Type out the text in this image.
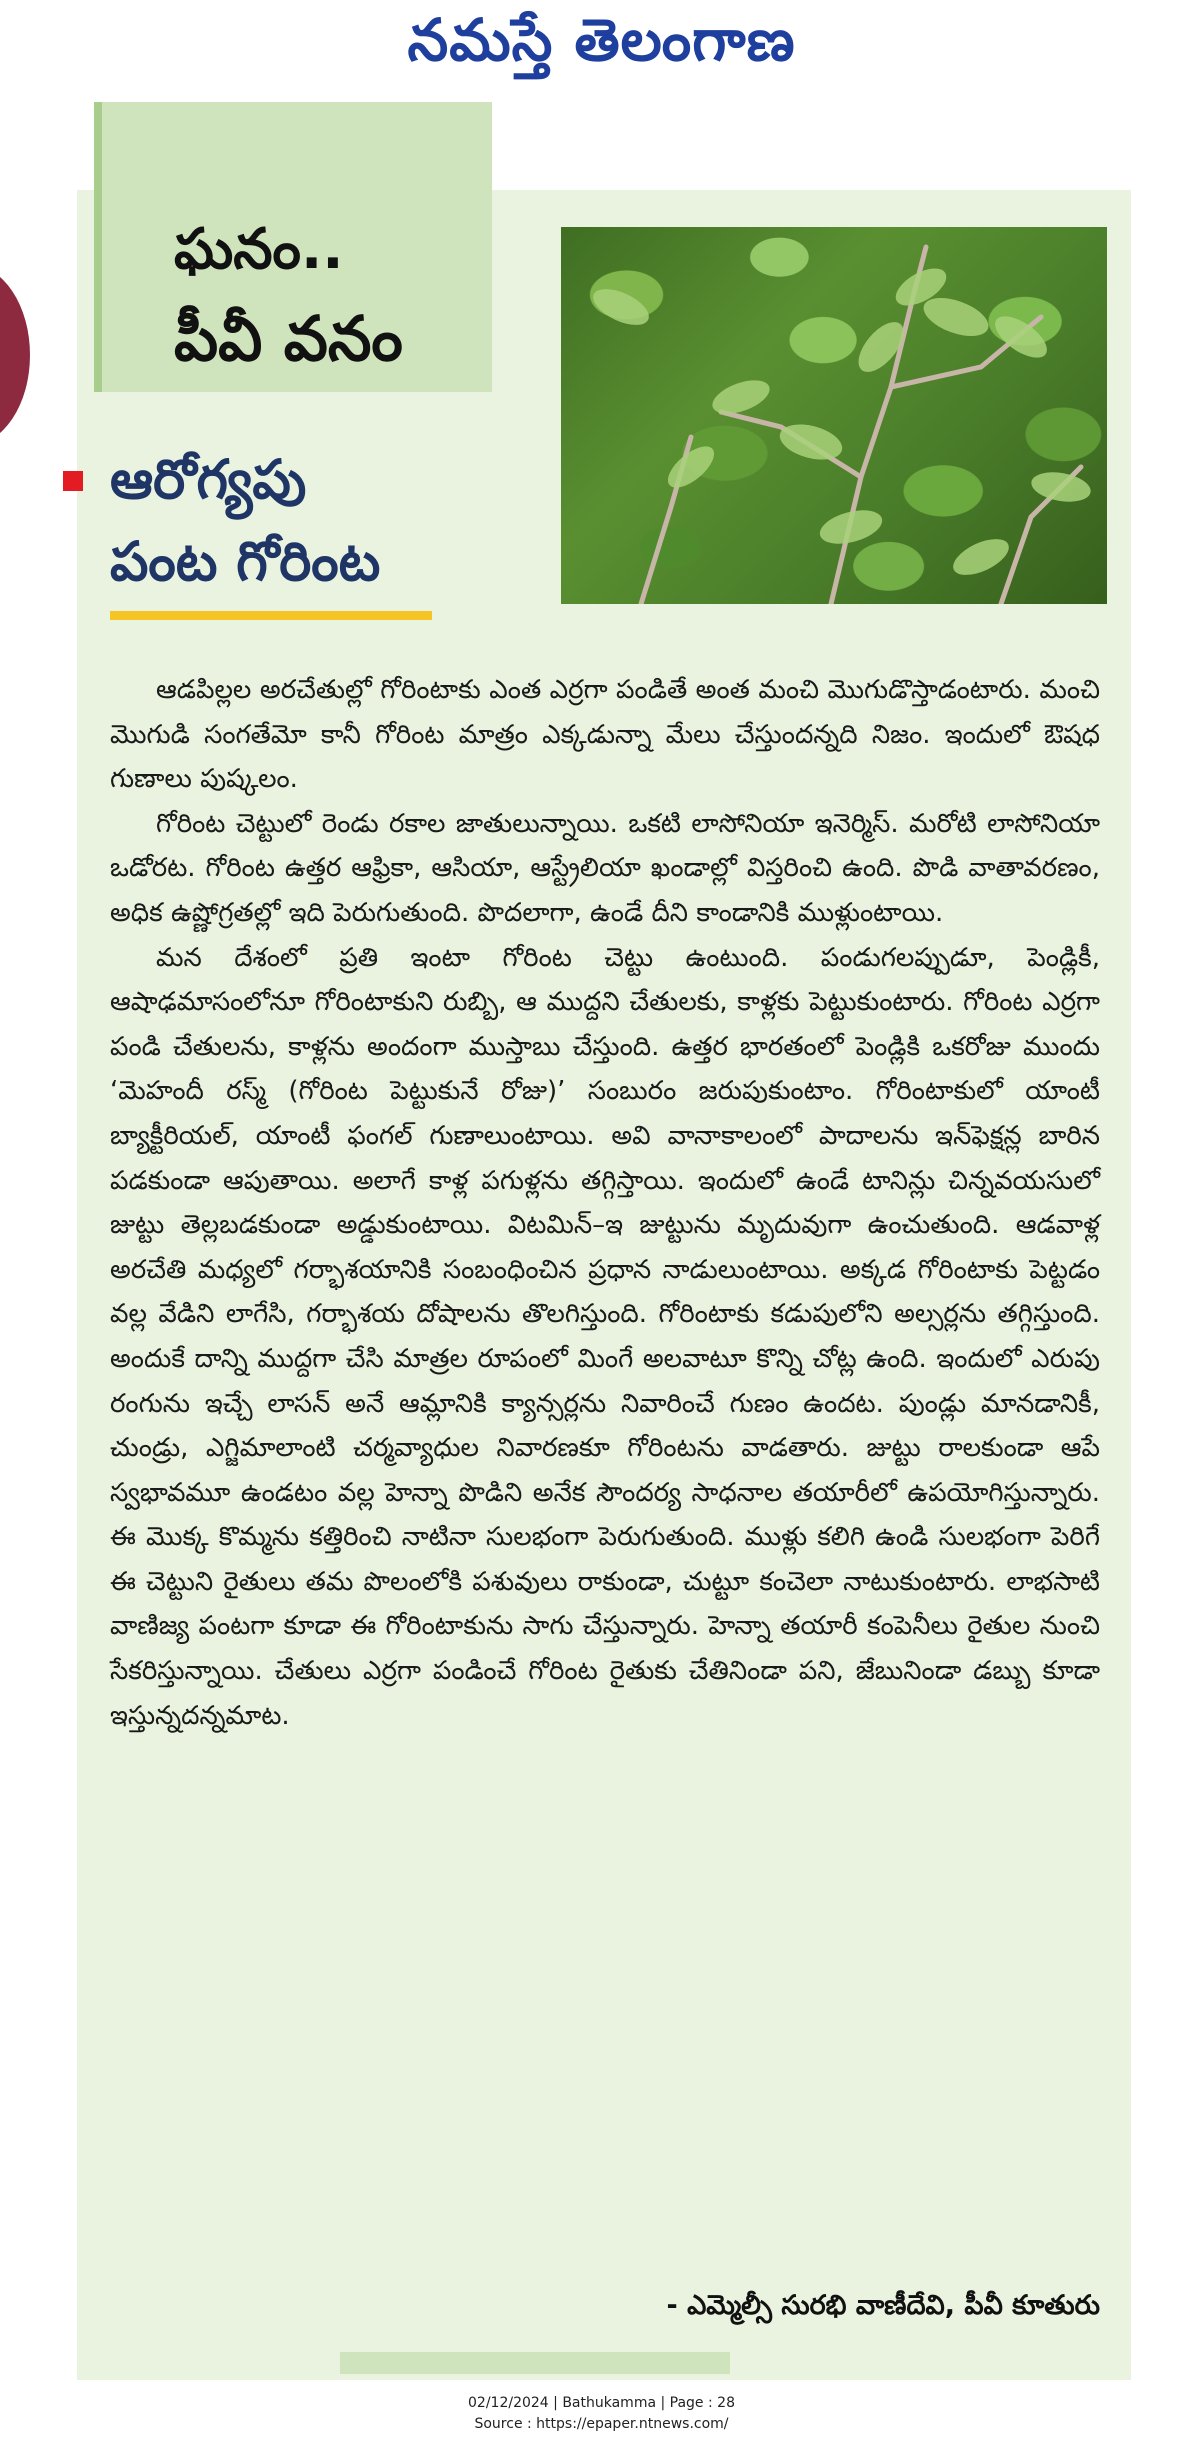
నమస్తే తెలంగాణ
ఘనం..
పీవీ వనం
ఆరోగ్యపు
పంట గోరింట

ఆడపిల్లల అరచేతుల్లో గోరింటాకు ఎంత ఎర్రగా పండితే అంత మంచి మొగుడొస్తాడంటారు. మంచి మొగుడి సంగతేమో కానీ గోరింట మాత్రం ఎక్కడున్నా మేలు చేస్తుందన్నది నిజం. ఇందులో ఔషధ గుణాలు పుష్కలం.

గోరింట చెట్టులో రెండు రకాల జాతులున్నాయి. ఒకటి లాసోనియా ఇనెర్మిస్. మరోటి లాసోనియా ఒడోరట. గోరింట ఉత్తర ఆఫ్రికా, ఆసియా, ఆస్ట్రేలియా ఖండాల్లో విస్తరించి ఉంది. పొడి వాతావరణం, అధిక ఉష్ణోగ్రతల్లో ఇది పెరుగుతుంది. పొదలాగా, ఉండే దీని కాండానికి ముళ్లుంటాయి.

మన దేశంలో ప్రతి ఇంటా గోరింట చెట్టు ఉంటుంది. పండుగలప్పుడూ, పెండ్లికీ, ఆషాఢమాసంలోనూ గోరింటాకుని రుబ్బి, ఆ ముద్దని చేతులకు, కాళ్లకు పెట్టుకుంటారు. గోరింట ఎర్రగా పండి చేతులను, కాళ్లను అందంగా ముస్తాబు చేస్తుంది. ఉత్తర భారతంలో పెండ్లికి ఒకరోజు ముందు ‘మెహందీ రస్మ్ (గోరింట పెట్టుకునే రోజు)’ సంబురం జరుపుకుంటాం. గోరింటాకులో యాంటీ బ్యాక్టీరియల్, యాంటీ ఫంగల్ గుణాలుంటాయి. అవి వానాకాలంలో పాదాలను ఇన్‌ఫెక్షన్ల బారిన పడకుండా ఆపుతాయి. అలాగే కాళ్ల పగుళ్లను తగ్గిస్తాయి. ఇందులో ఉండే టానిన్లు చిన్నవయసులో జుట్టు తెల్లబడకుండా అడ్డుకుంటాయి. విటమిన్–ఇ జుట్టును మృదువుగా ఉంచుతుంది. ఆడవాళ్ల అరచేతి మధ్యలో గర్భాశయానికి సంబంధించిన ప్రధాన నాడులుంటాయి. అక్కడ గోరింటాకు పెట్టడం వల్ల వేడిని లాగేసి, గర్భాశయ దోషాలను తొలగిస్తుంది. గోరింటాకు కడుపులోని అల్సర్లను తగ్గిస్తుంది. అందుకే దాన్ని ముద్దగా చేసి మాత్రల రూపంలో మింగే అలవాటూ కొన్ని చోట్ల ఉంది. ఇందులో ఎరుపు రంగును ఇచ్చే లాసన్ అనే ఆమ్లానికి క్యాన్సర్లను నివారించే గుణం ఉందట. పుండ్లు మానడానికీ, చుండ్రు, ఎగ్జిమాలాంటి చర్మవ్యాధుల నివారణకూ గోరింటను వాడతారు. జుట్టు రాలకుండా ఆపే స్వభావమూ ఉండటం వల్ల హెన్నా పొడిని అనేక సౌందర్య సాధనాల తయారీలో ఉపయోగిస్తున్నారు. ఈ మొక్క కొమ్మను కత్తిరించి నాటినా సులభంగా పెరుగుతుంది. ముళ్లు కలిగి ఉండి సులభంగా పెరిగే ఈ చెట్టుని రైతులు తమ పొలంలోకి పశువులు రాకుండా, చుట్టూ కంచెలా నాటుకుంటారు. లాభసాటి వాణిజ్య పంటగా కూడా ఈ గోరింటాకును సాగు చేస్తున్నారు. హెన్నా తయారీ కంపెనీలు రైతుల నుంచి సేకరిస్తున్నాయి. చేతులు ఎర్రగా పండించే గోరింట రైతుకు చేతినిండా పని, జేబునిండా డబ్బు కూడా ఇస్తున్నదన్నమాట.

- ఎమ్మెల్సీ సురభి వాణీదేవి, పీవీ కూతురు
02/12/2024 | Bathukamma | Page : 28
Source : https://epaper.ntnews.com/
